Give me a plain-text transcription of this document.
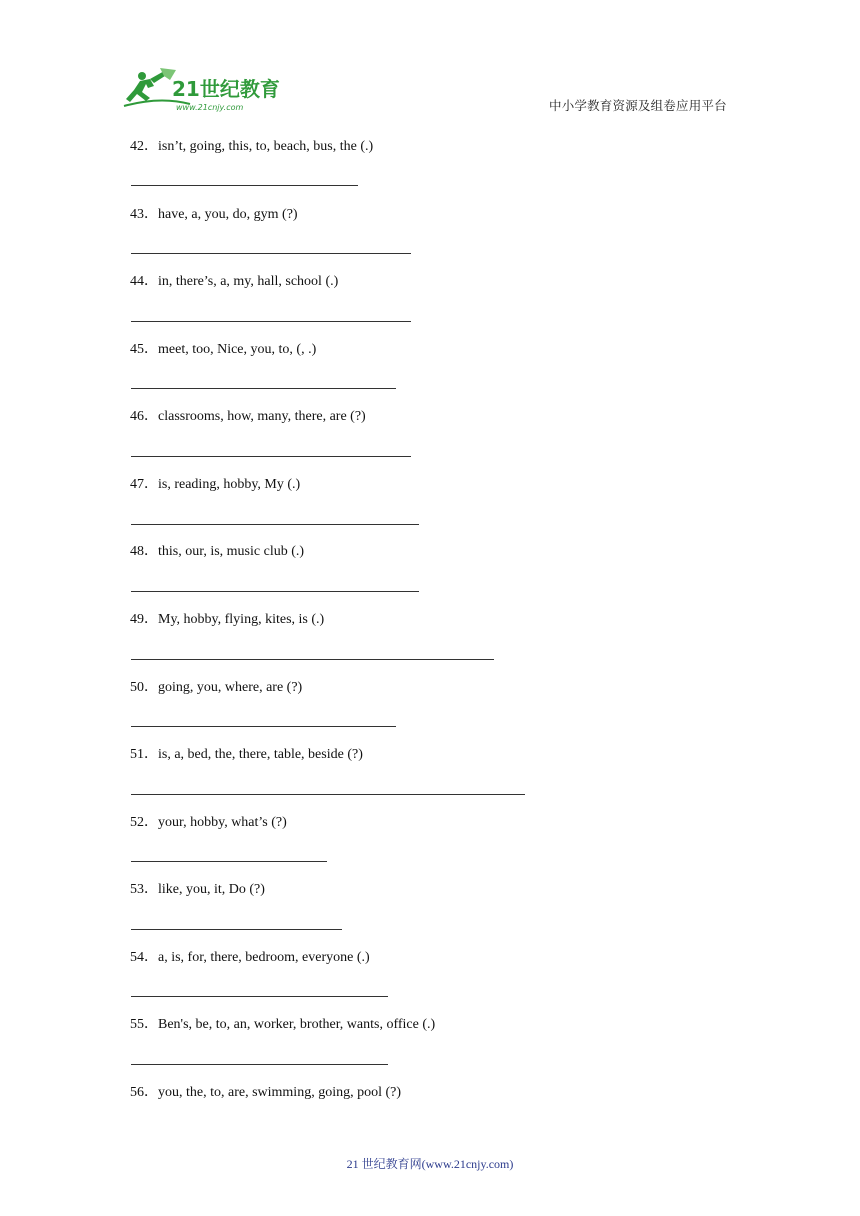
21世纪教育
www.21cnjy.com	中小学教育资源及组卷应用平台
42．isn’t, going, this, to, beach, bus, the (.)
43．have, a, you, do, gym (?)
44．in, there’s, a, my, hall, school (.)
45．meet, too, Nice, you, to, (, .)
46．classrooms, how, many, there, are (?)
47．is, reading, hobby, My (.)
48．this, our, is, music club (.)
49．My, hobby, flying, kites, is (.)
50．going, you, where, are (?)
51．is, a, bed, the, there, table, beside (?)
52．your, hobby, what’s (?)
53．like, you, it, Do (?)
54．a, is, for, there, bedroom, everyone (.)
55．Ben's, be, to, an, worker, brother, wants, office (.)
56．you, the, to, are, swimming, going, pool (?)
21 世纪教育网(www.21cnjy.com)
